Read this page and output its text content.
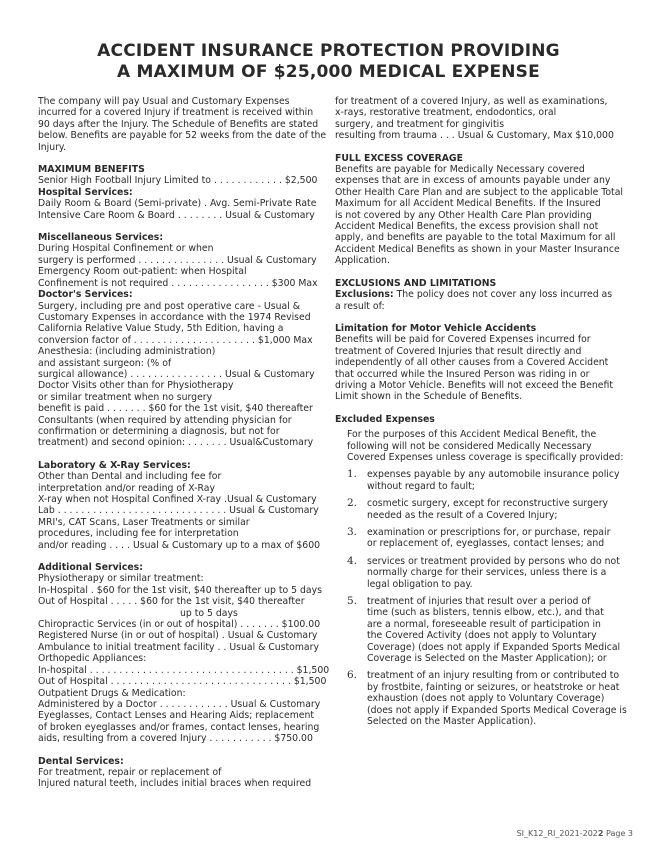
ACCIDENT INSURANCE PROTECTION PROVIDING
A MAXIMUM OF $25,000 MEDICAL EXPENSE
The company will pay Usual and Customary Expenses
incurred for a covered Injury if treatment is received within
90 days after the Injury. The Schedule of Benefits are stated
below. Benefits are payable for 52 weeks from the date of the
Injury.
MAXIMUM BENEFITS
Senior High Football Injury Limited to . . . . . . . . . . . . $2,500
Hospital Services:
Daily Room & Board (Semi-private) . Avg. Semi-Private Rate
Intensive Care Room & Board . . . . . . . . Usual & Customary
Miscellaneous Services:
During Hospital Confinement or when
surgery is performed . . . . . . . . . . . . . . . Usual & Customary
Emergency Room out-patient: when Hospital
Confinement is not required . . . . . . . . . . . . . . . . . $300 Max
Doctor's Services:
Surgery, including pre and post operative care - Usual &
Customary Expenses in accordance with the 1974 Revised
California Relative Value Study, 5th Edition, having a
conversion factor of . . . . . . . . . . . . . . . . . . . . . $1,000 Max
Anesthesia: (including administration)
and assistant surgeon: (% of
surgical allowance) . . . . . . . . . . . . . . . . Usual & Customary
Doctor Visits other than for Physiotherapy
or similar treatment when no surgery
benefit is paid . . . . . . . $60 for the 1st visit, $40 thereafter
Consultants (when required by attending physician for
confirmation or determining a diagnosis, but not for
treatment) and second opinion: . . . . . . . Usual&Customary
Laboratory & X-Ray Services:
Other than Dental and including fee for
interpretation and/or reading of X-Ray
X-ray when not Hospital Confined X-ray .Usual & Customary
Lab . . . . . . . . . . . . . . . . . . . . . . . . . . . . . Usual & Customary
MRI's, CAT Scans, Laser Treatments or similar
procedures, including fee for interpretation
and/or reading . . . . Usual & Customary up to a max of $600
Additional Services:
Physiotherapy or similar treatment:
In-Hospital . $60 for the 1st visit, $40 thereafter up to 5 days
Out of Hospital . . . . . $60 for the 1st visit, $40 thereafter
up to 5 days
Chiropractic Services (in or out of hospital) . . . . . . . $100.00
Registered Nurse (in or out of hospital) . Usual & Customary
Ambulance to initial treatment facility . . Usual & Customary
Orthopedic Appliances:
In-hospital . . . . . . . . . . . . . . . . . . . . . . . . . . . . . . . . . . . $1,500
Out of Hospital . . . . . . . . . . . . . . . . . . . . . . . . . . . . . . . $1,500
Outpatient Drugs & Medication:
Administered by a Doctor . . . . . . . . . . . . Usual & Customary
Eyeglasses, Contact Lenses and Hearing Aids; replacement
of broken eyeglasses and/or frames, contact lenses, hearing
aids, resulting from a covered Injury . . . . . . . . . . . $750.00
Dental Services:
For treatment, repair or replacement of
Injured natural teeth, includes initial braces when required
for treatment of a covered Injury, as well as examinations,
x-rays, restorative treatment, endodontics, oral
surgery, and treatment for gingivitis
resulting from trauma . . . Usual & Customary, Max $10,000
FULL EXCESS COVERAGE
Benefits are payable for Medically Necessary covered
expenses that are in excess of amounts payable under any
Other Health Care Plan and are subject to the applicable Total
Maximum for all Accident Medical Benefits. If the Insured
is not covered by any Other Health Care Plan providing
Accident Medical Benefits, the excess provision shall not
apply, and benefits are payable to the total Maximum for all
Accident Medical Benefits as shown in your Master Insurance
Application.
EXCLUSIONS AND LIMITATIONS
Exclusions: The policy does not cover any loss incurred as
a result of:
Limitation for Motor Vehicle Accidents
Benefits will be paid for Covered Expenses incurred for
treatment of Covered Injuries that result directly and
independently of all other causes from a Covered Accident
that occurred while the Insured Person was riding in or
driving a Motor Vehicle. Benefits will not exceed the Benefit
Limit shown in the Schedule of Benefits.
Excluded Expenses
For the purposes of this Accident Medical Benefit, the
following will not be considered Medically Necessary
Covered Expenses unless coverage is specifically provided:
1.	expenses payable by any automobile insurance policy
without regard to fault;
2.	cosmetic surgery, except for reconstructive surgery
needed as the result of a Covered Injury;
3.	examination or prescriptions for, or purchase, repair
or replacement of, eyeglasses, contact lenses; and
4.	services or treatment provided by persons who do not
normally charge for their services, unless there is a
legal obligation to pay.
5.	treatment of injuries that result over a period of
time (such as blisters, tennis elbow, etc.), and that
are a normal, foreseeable result of participation in
the Covered Activity (does not apply to Voluntary
Coverage) (does not apply if Expanded Sports Medical
Coverage is Selected on the Master Application); or
6.	treatment of an injury resulting from or contributed to
by frostbite, fainting or seizures, or heatstroke or heat
exhaustion (does not apply to Voluntary Coverage)
(does not apply if Expanded Sports Medical Coverage is
Selected on the Master Application).
SI_K12_RI_2021-2022 Page 3
